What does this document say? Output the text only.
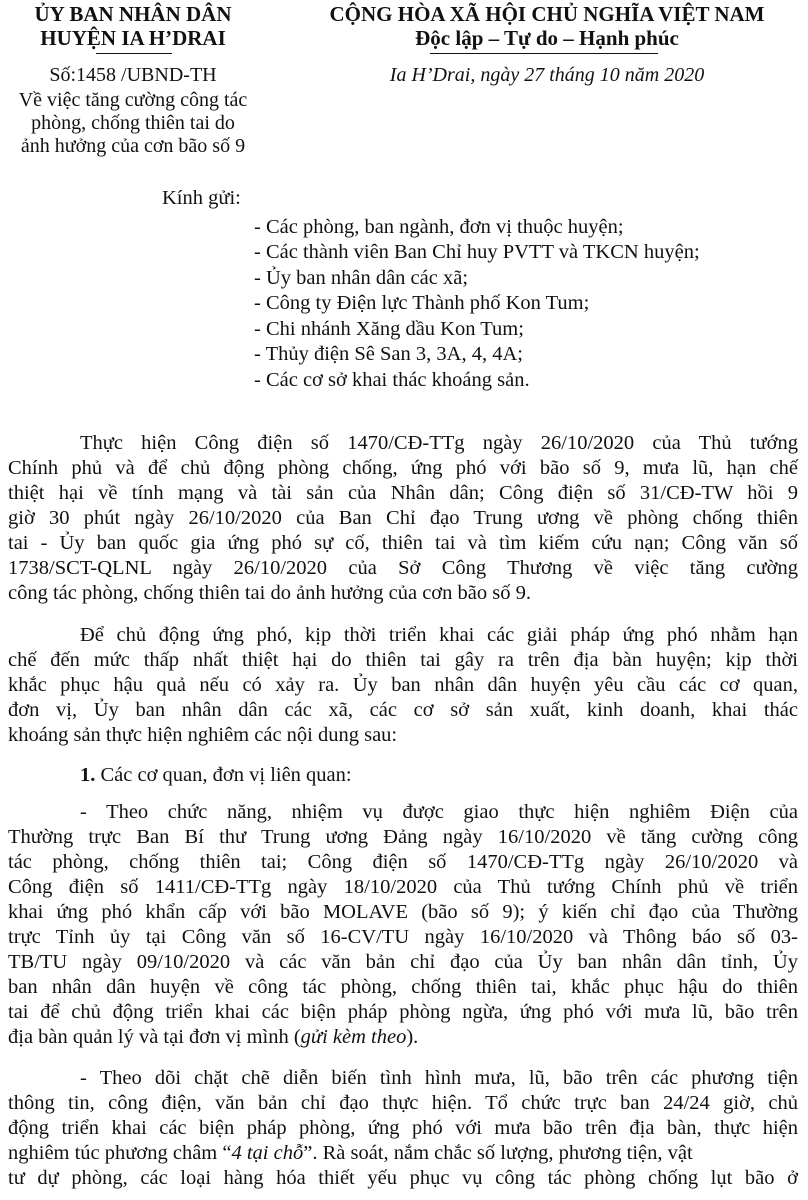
ỦY BAN NHÂN DÂN
HUYỆN IA H’DRAI
CỘNG HÒA XÃ HỘI CHỦ NGHĨA VIỆT NAM
Độc lập – Tự do – Hạnh phúc
Số:1458 /UBND-TH	Ia H’Drai, ngày 27 tháng 10 năm 2020
Về việc tăng cường công tác
phòng, chống thiên tai do
ảnh hưởng của cơn bão số 9
Kính gửi:
- Các phòng, ban ngành, đơn vị thuộc huyện;
- Các thành viên Ban Chỉ huy PVTT và TKCN huyện;
- Ủy ban nhân dân các xã;
- Công ty Điện lực Thành phố Kon Tum;
- Chi nhánh Xăng dầu Kon Tum;
- Thủy điện Sê San 3, 3A, 4, 4A;
- Các cơ sở khai thác khoáng sản.
Thực hiện Công điện số 1470/CĐ-TTg ngày 26/10/2020 của Thủ tướng
Chính phủ và để chủ động phòng chống, ứng phó với bão số 9, mưa lũ, hạn chế
thiệt hại về tính mạng và tài sản của Nhân dân; Công điện số 31/CĐ-TW hồi 9
giờ 30 phút ngày 26/10/2020 của Ban Chỉ đạo Trung ương về phòng chống thiên
tai - Ủy ban quốc gia ứng phó sự cố, thiên tai và tìm kiếm cứu nạn; Công văn số
1738/SCT-QLNL ngày 26/10/2020 của Sở Công Thương về việc tăng cường
công tác phòng, chống thiên tai do ảnh hưởng của cơn bão số 9.
Để chủ động ứng phó, kịp thời triển khai các giải pháp ứng phó nhằm hạn
chế đến mức thấp nhất thiệt hại do thiên tai gây ra trên địa bàn huyện; kịp thời
khắc phục hậu quả nếu có xảy ra. Ủy ban nhân dân huyện yêu cầu các cơ quan,
đơn vị, Ủy ban nhân dân các xã, các cơ sở sản xuất, kinh doanh, khai thác
khoáng sản thực hiện nghiêm các nội dung sau:
1. Các cơ quan, đơn vị liên quan:
- Theo chức năng, nhiệm vụ được giao thực hiện nghiêm Điện của
Thường trực Ban Bí thư Trung ương Đảng ngày 16/10/2020 về tăng cường công
tác phòng, chống thiên tai; Công điện số 1470/CĐ-TTg ngày 26/10/2020 và
Công điện số 1411/CĐ-TTg ngày 18/10/2020 của Thủ tướng Chính phủ về triển
khai ứng phó khẩn cấp với bão MOLAVE (bão số 9); ý kiến chỉ đạo của Thường
trực Tỉnh ủy tại Công văn số 16-CV/TU ngày 16/10/2020 và Thông báo số 03-
TB/TU ngày 09/10/2020 và các văn bản chỉ đạo của Ủy ban nhân dân tỉnh, Ủy
ban nhân dân huyện về công tác phòng, chống thiên tai, khắc phục hậu do thiên
tai để chủ động triển khai các biện pháp phòng ngừa, ứng phó với mưa lũ, bão trên
địa bàn quản lý và tại đơn vị mình (gửi kèm theo).
- Theo dõi chặt chẽ diễn biến tình hình mưa, lũ, bão trên các phương tiện
thông tin, công điện, văn bản chỉ đạo thực hiện. Tổ chức trực ban 24/24 giờ, chủ
động triển khai các biện pháp phòng, ứng phó với mưa bão trên địa bàn, thực hiện
nghiêm túc phương châm “4 tại chỗ”. Rà soát, nắm chắc số lượng, phương tiện, vật
tư dự phòng, các loại hàng hóa thiết yếu phục vụ công tác phòng chống lụt bão ở
